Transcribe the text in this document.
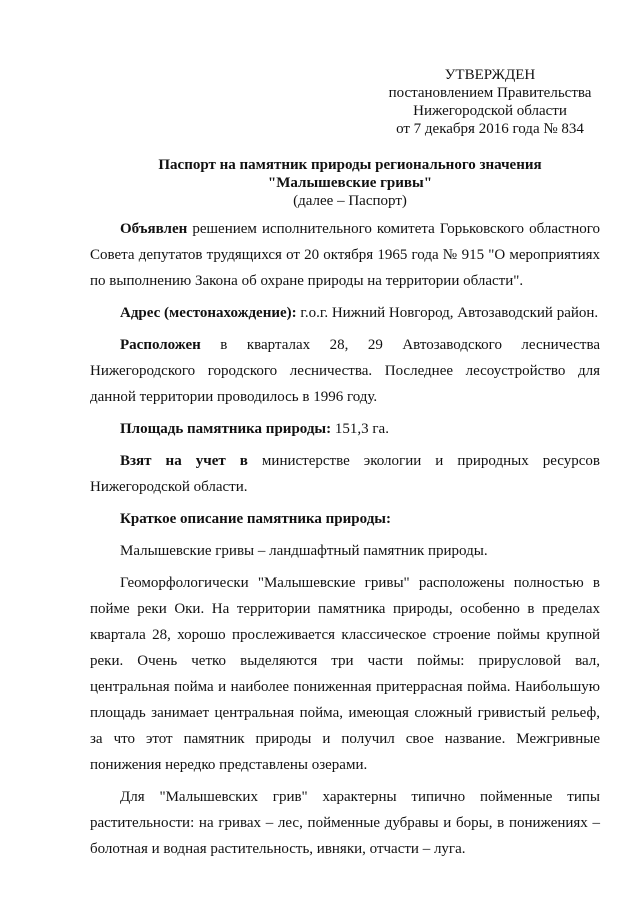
УТВЕРЖДЕН
постановлением Правительства
Нижегородской области
от 7 декабря 2016 года № 834
Паспорт на памятник природы регионального значения
"Малышевские гривы"
(далее – Паспорт)

Объявлен решением исполнительного комитета Горьковского областного Совета депутатов трудящихся от 20 октября 1965 года № 915 "О мероприятиях по выполнению Закона об охране природы на территории области".

Адрес (местонахождение): г.о.г. Нижний Новгород, Автозаводский район.

Расположен в кварталах 28, 29 Автозаводского лесничества Нижегородского городского лесничества. Последнее лесоустройство для данной территории проводилось в 1996 году.

Площадь памятника природы: 151,3 га.

Взят на учет в министерстве экологии и природных ресурсов Нижегородской области.

Краткое описание памятника природы:

Малышевские гривы – ландшафтный памятник природы.

Геоморфологически "Малышевские гривы" расположены полностью в пойме реки Оки. На территории памятника природы, особенно в пределах квартала 28, хорошо прослеживается классическое строение поймы крупной реки. Очень четко выделяются три части поймы: прирусловой вал, центральная пойма и наиболее пониженная притеррасная пойма. Наибольшую площадь занимает центральная пойма, имеющая сложный гривистый рельеф, за что этот памятник природы и получил свое название. Межгривные понижения нередко представлены озерами.

Для "Малышевских грив" характерны типично пойменные типы растительности: на гривах – лес, пойменные дубравы и боры, в понижениях – болотная и водная растительность, ивняки, отчасти – луга.
